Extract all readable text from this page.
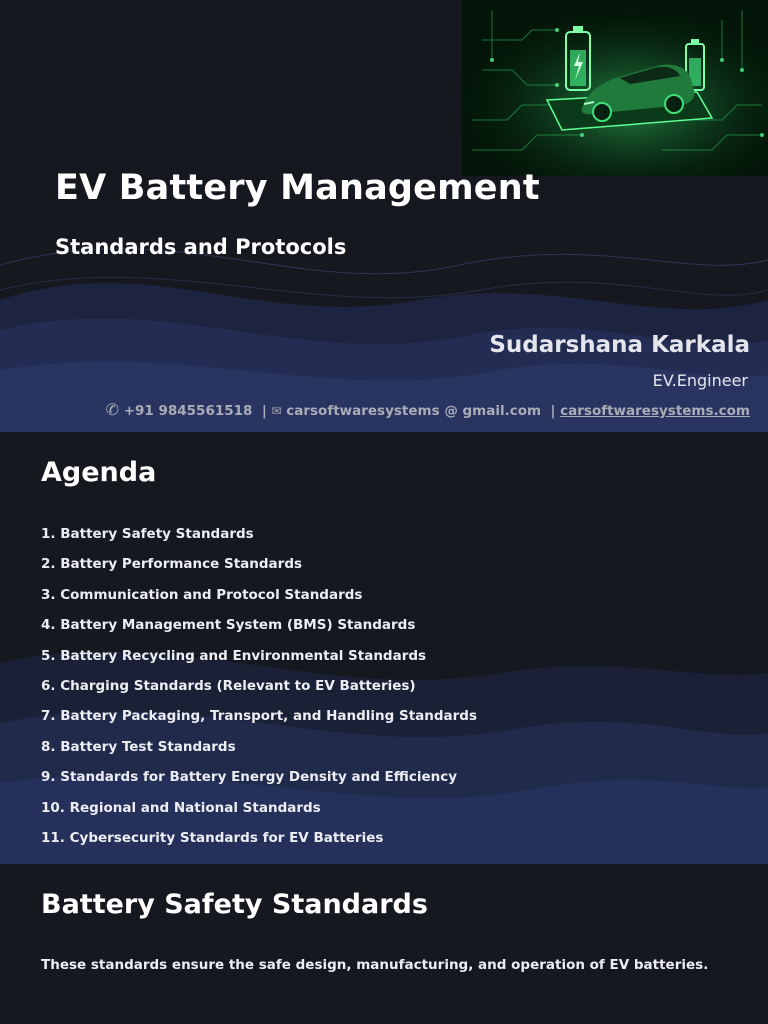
EV Battery Management
Standards and Protocols
Sudarshana Karkala
EV.Engineer
✆ +91 9845561518 | ✉ carsoftwaresystems @ gmail.com | carsoftwaresystems.com
Agenda
1. Battery Safety Standards
2. Battery Performance Standards
3. Communication and Protocol Standards
4. Battery Management System (BMS) Standards
5. Battery Recycling and Environmental Standards
6. Charging Standards (Relevant to EV Batteries)
7. Battery Packaging, Transport, and Handling Standards
8. Battery Test Standards
9. Standards for Battery Energy Density and Efficiency
10. Regional and National Standards
11. Cybersecurity Standards for EV Batteries
Battery Safety Standards
These standards ensure the safe design, manufacturing, and operation of EV batteries.
